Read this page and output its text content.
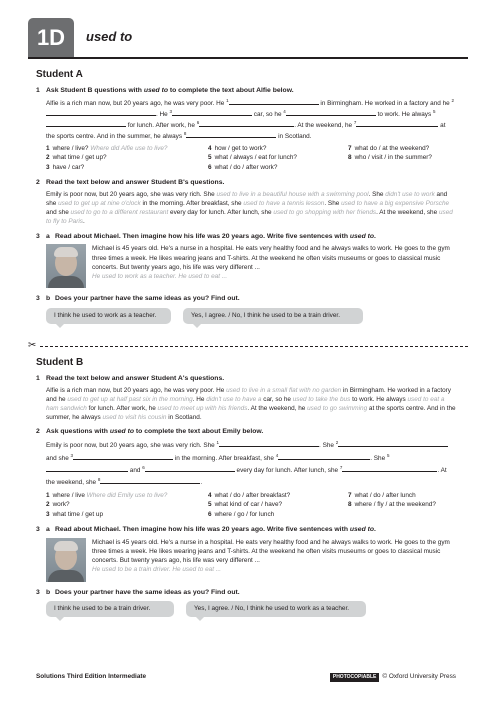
1D	used to
Student A
1 Ask Student B questions with used to to complete the text about Alfie below.
Alfie is a rich man now, but 20 years ago, he was very poor. He $^1$	in Birmingham. He worked in a factory and he $^2$. He $^3$	car, so he $^4$	to work. He always $^5$ for lunch. After work, he $^6$	. At the weekend, he $^7$	at the sports centre. And in the summer, he always $^8$	in Scotland.
1 where / live? Where did Alfie use to live?	4 how / get to work?	7 what do / at the weekend?
2 what time / get up?	5 what / always / eat for lunch?	8 who / visit / in the summer?
3 have / car?	6 what / do / after work?
2 Read the text below and answer Student B's questions.
Emily is poor now, but 20 years ago, she was very rich. She used to live in a beautiful house with a swimming pool. She didn't use to work and she used to get up at nine o'clock in the morning. After breakfast, she used to have a tennis lesson. She used to have a big expensive Porsche and she used to go to a different restaurant every day for lunch. After lunch, she used to go shopping with her friends. At the weekend, she used to fly to Paris.
3 a Read about Michael. Then imagine how his life was 20 years ago. Write five sentences with used to.
Michael is 45 years old. He's a nurse in a hospital. He eats very healthy food and he always walks to work. He goes to the gym three times a week. He likes wearing jeans and T-shirts. At the weekend he often visits museums or goes to classical music concerts. But twenty years ago, his life was very different ...
He used to work as a teacher. He used to eat ...
3 b Does your partner have the same ideas as you? Find out.
I think he used to work as a teacher.	Yes, I agree. / No, I think he used to be a train driver.
✂
Student B
1 Read the text below and answer Student A's questions.
Alfie is a rich man now, but 20 years ago, he was very poor. He used to live in a small flat with no garden in Birmingham. He worked in a factory and he used to get up at half past six in the morning. He didn't use to have a car, so he used to take the bus to work. He always used to eat a ham sandwich for lunch. After work, he used to meet up with his friends. At the weekend, he used to go swimming at the sports centre. And in the summer, he always used to visit his cousin in Scotland.
2 Ask questions with used to to complete the text about Emily below.
Emily is poor now, but 20 years ago, she was very rich. She $^1$	. She $^2$ and she $^3$	in the morning. After breakfast, she $^4$	. She $^5$ and $^6$	every day for lunch. After lunch, she $^7$	. At the weekend, she $^8$	.
1 where / live Where did Emily use to live?	4 what / do / after breakfast?	7 what / do / after lunch
2 work?	5 what kind of car / have?	8 where / fly / at the weekend?
3 what time / get up	6 where / go / for lunch
3 a Read about Michael. Then imagine how his life was 20 years ago. Write five sentences with used to.
Michael is 45 years old. He's a nurse in a hospital. He eats very healthy food and he always walks to work. He goes to the gym three times a week. He likes wearing jeans and T-shirts. At the weekend he often visits museums or goes to classical music concerts. But twenty years ago, his life was very different ...
He used to be a train driver. He used to eat ...
3 b Does your partner have the same ideas as you? Find out.
I think he used to be a train driver.	Yes, I agree. / No, I think he used to work as a teacher.
Solutions Third Edition Intermediate	PHOTOCOPIABLE © Oxford University Press
